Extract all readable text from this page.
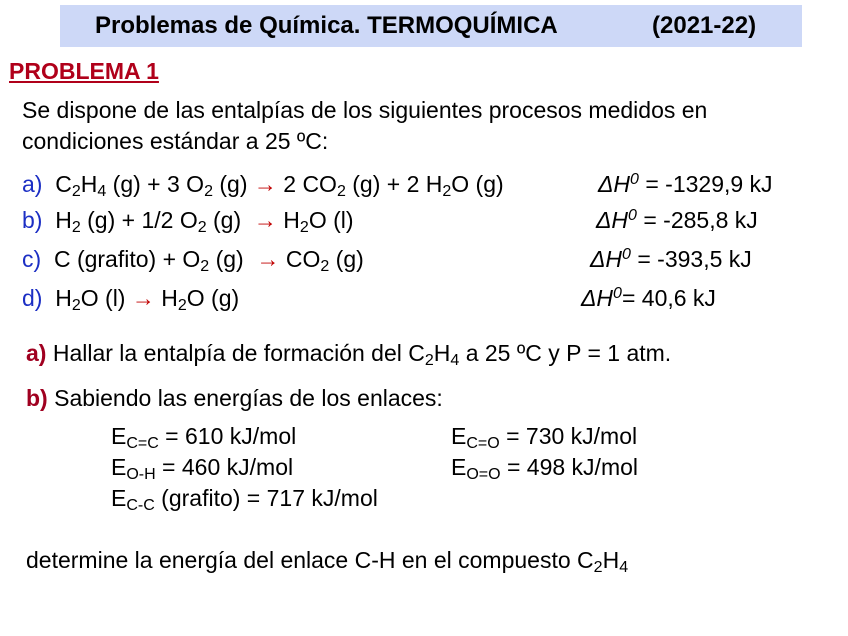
Problemas de Química. TERMOQUÍMICA	(2021-22)
PROBLEMA 1
Se dispone de las entalpías de los siguientes procesos medidos en
condiciones estándar a 25 ºC:
a)  $C_2H_4$ (g) + 3 $O_2$ (g) → 2 $CO_2$ (g) + 2 $H_2O$ (g)	$\Delta H^0 = -1329,9$ kJ
b)  $H_2$ (g) + 1/2 $O_2$ $(g) \to H_2O$ (l)	$\Delta H^0 = -285,8$ kJ
c)  C (grafito) + $O_2$ $(g) \to CO_2$ (g)	$\Delta H^0 = -393,5$ kJ
d)  $H_2O$ $(l) \to H_2O$ (g)	$\Delta H^0= 40,6$ kJ
a) Hallar la entalpía de formación del $C_2H_4$ a 25 ºC y P = 1 atm.
b) Sabiendo las energías de los enlaces:
$E_{C=C} = 610$ kJ/mol	$E_{C=O} = 730$ kJ/mol
$E_{O-H} = 460$ kJ/mol	$E_{O=O} = 498$ kJ/mol
$E_{C-C}$ (grafito) = 717 kJ/mol
determine la energía del enlace C-H en el compuesto $C_2H_4$
